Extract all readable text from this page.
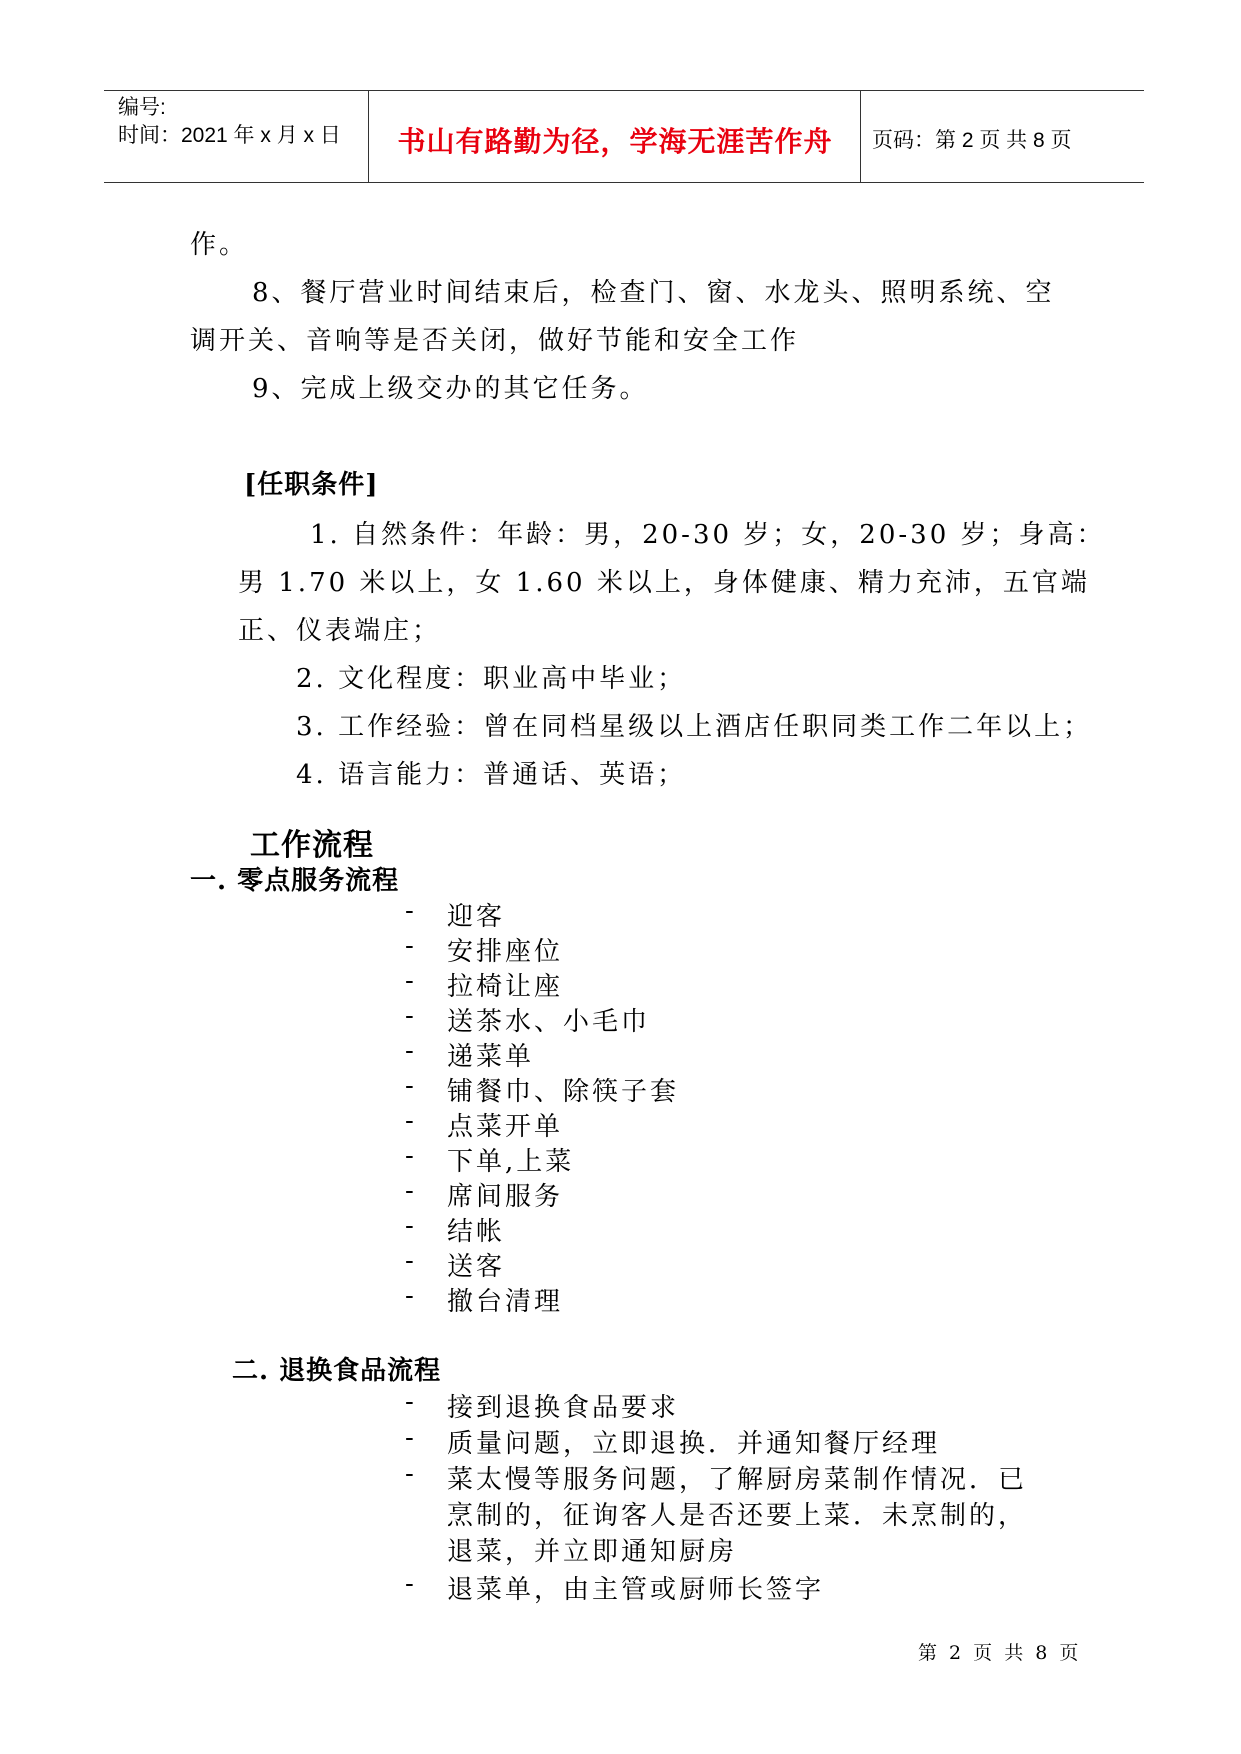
编号:
时间：2021 年 x 月 x 日	书山有路勤为径，学海无涯苦作舟	页码：第 2 页 共 8 页
作。
8、餐厅营业时间结束后，检查门、窗、水龙头、照明系统、空
调开关、音响等是否关闭，做好节能和安全工作
9、完成上级交办的其它任务。
[任职条件]
1. 自然条件：年龄：男，20-30 岁；女，20-30 岁；身高：
男 1.70 米以上，女 1.60 米以上，身体健康、精力充沛，五官端
正、仪表端庄；
2. 文化程度：职业高中毕业；
3. 工作经验：曾在同档星级以上酒店任职同类工作二年以上；
4. 语言能力：普通话、英语；
工作流程
一. 零点服务流程
- 迎客
- 安排座位
- 拉椅让座
- 送茶水、小毛巾
- 递菜单
- 铺餐巾、除筷子套
- 点菜开单
- 下单,上菜
- 席间服务
- 结帐
- 送客
- 撤台清理
二. 退换食品流程
- 接到退换食品要求
- 质量问题，立即退换．并通知餐厅经理
- 菜太慢等服务问题，了解厨房菜制作情况．已
烹制的，征询客人是否还要上菜．未烹制的，
退菜，并立即通知厨房
- 退菜单，由主管或厨师长签字
第 2 页 共 8 页
